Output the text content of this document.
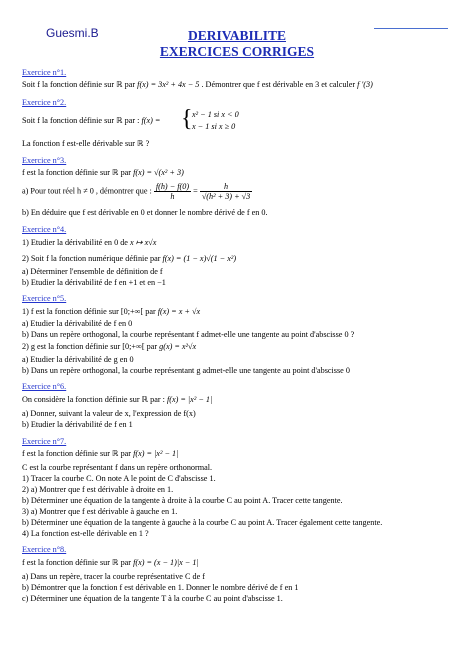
Guesmi.B	DERIVABILITE
EXERCICES CORRIGES
Exercice n°1.
Soit f la fonction définie sur ℝ par f(x) = 3x² + 4x − 5 . Démontrer que f est dérivable en 3 et calculer f ′(3)
Exercice n°2.
Soit f la fonction définie sur ℝ par : f(x) = { x² − 1 si x < 0
x − 1 si x ≥ 0
La fonction f est-elle dérivable sur ℝ ?
Exercice n°3.
f est la fonction définie sur ℝ par f(x) = √(x² + 3)
a) Pour tout réel h ≠ 0 , démontrer que : $\frac{f(h) - f(0)}{h} = \frac{h}{\text{√(h² + 3) + √3}}$
b) En déduire que f est dérivable en 0 et donner le nombre dérivé de f en 0.
Exercice n°4.
1) Etudier la dérivabilité en 0 de x ↦ x√x
2) Soit f la fonction numérique définie par f(x) = (1 − x)√(1 − x²)
a) Déterminer l'ensemble de définition de f
b) Etudier la dérivabilité de f en +1 et en −1
Exercice n°5.
1) f est la fonction définie sur [0;+∞[ par f(x) = x + √x
a) Etudier la dérivabilité de f en 0
b) Dans un repère orthogonal, la courbe représentant f admet-elle une tangente au point d'abscisse 0 ?
2) g est la fonction définie sur [0;+∞[ par g(x) = x²√x
a) Etudier la dérivabilité de g en 0
b) Dans un repère orthogonal, la courbe représentant g admet-elle une tangente au point d'abscisse 0
Exercice n°6.
On considère la fonction définie sur ℝ par : f(x) = |x² − 1|
a) Donner, suivant la valeur de x, l'expression de f(x)
b) Etudier la dérivabilité de f en 1
Exercice n°7.
f est la fonction définie sur ℝ par f(x) = |x² − 1|
C est la courbe représentant f dans un repère orthonormal.
1) Tracer la courbe C. On note A le point de C d'abscisse 1.
2) a) Montrer que f est dérivable à droite en 1.
b) Déterminer une équation de la tangente à droite à la courbe C au point A. Tracer cette tangente.
3) a) Montrer que f est dérivable à gauche en 1.
b) Déterminer une équation de la tangente à gauche à la courbe C au point A. Tracer également cette tangente.
4) La fonction est-elle dérivable en 1 ?
Exercice n°8.
f est la fonction définie sur ℝ par f(x) = (x − 1)|x − 1|
a) Dans un repère, tracer la courbe représentative C de f
b) Démontrer que la fonction f est dérivable en 1. Donner le nombre dérivé de f en 1
c) Déterminer une équation de la tangente T à la courbe C au point d'abscisse 1.
